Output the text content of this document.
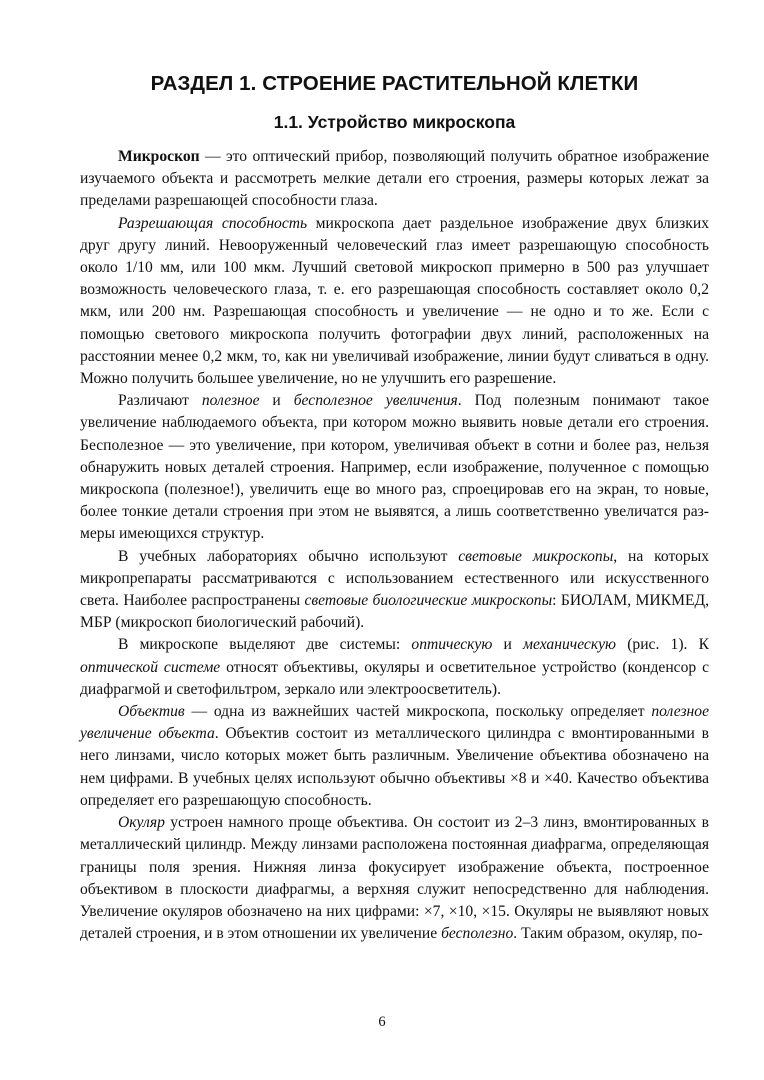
РАЗДЕЛ 1. СТРОЕНИЕ РАСТИТЕЛЬНОЙ КЛЕТКИ
1.1. Устройство микроскопа

Микроскоп — это оптический прибор, позволяющий получить обратное изображение изучаемого объекта и рассмотреть мелкие детали его строения, размеры которых лежат за пределами разрешающей способности глаза.

Разрешающая способность микроскопа дает раздельное изображение двух близких друг другу линий. Невооруженный человеческий глаз имеет разрешающую способность около 1/10 мм, или 100 мкм. Лучший световой микроскоп примерно в 500 раз улучшает возможность человеческого глаза, т. е. его разрешающая способность составляет около 0,2 мкм, или 200 нм. Разрешающая способность и увеличение — не одно и то же. Если с помощью светового микроскопа получить фотографии двух линий, расположенных на расстоянии менее 0,2 мкм, то, как ни увеличивай изображение, линии будут сливаться в одну. Можно получить большее увеличение, но не улучшить его разрешение.

Различают полезное и бесполезное увеличения. Под полезным понимают такое увеличение наблюдаемого объекта, при котором можно выявить новые детали его строения. Бесполезное — это увеличение, при котором, увеличивая объект в сотни и более раз, нельзя обнаружить новых деталей строения. Например, если изображение, полученное с помощью микроскопа (полезное!), увеличить еще во много раз, спроецировав его на экран, то новые, более тонкие детали строения при этом не выявятся, а лишь соответственно увеличатся размеры имеющихся структур.

В учебных лабораториях обычно используют световые микроскопы, на которых микропрепараты рассматриваются с использованием естественного или искусственного света. Наиболее распространены световые биологические микроскопы: БИОЛАМ, МИКМЕД, МБР (микроскоп биологический рабочий).

В микроскопе выделяют две системы: оптическую и механическую (рис. 1). К оптической системе относят объективы, окуляры и осветительное устройство (конденсор с диафрагмой и светофильтром, зеркало или электроосветитель).

Объектив — одна из важнейших частей микроскопа, поскольку определяет полезное увеличение объекта. Объектив состоит из металлического цилиндра с вмонтированными в него линзами, число которых может быть различным. Увеличение объектива обозначено на нем цифрами. В учебных целях используют обычно объективы ×8 и ×40. Качество объектива определяет его разрешающую способность.

Окуляр устроен намного проще объектива. Он состоит из 2–3 линз, вмонтированных в металлический цилиндр. Между линзами расположена постоянная диафрагма, определяющая границы поля зрения. Нижняя линза фокусирует изображение объекта, построенное объективом в плоскости диафрагмы, а верхняя служит непосредственно для наблюдения. Увеличение окуляров обозначено на них цифрами: ×7, ×10, ×15. Окуляры не выявляют новых деталей строения, и в этом отношении их увеличение бесполезно. Таким образом, окуляр, по-

6
